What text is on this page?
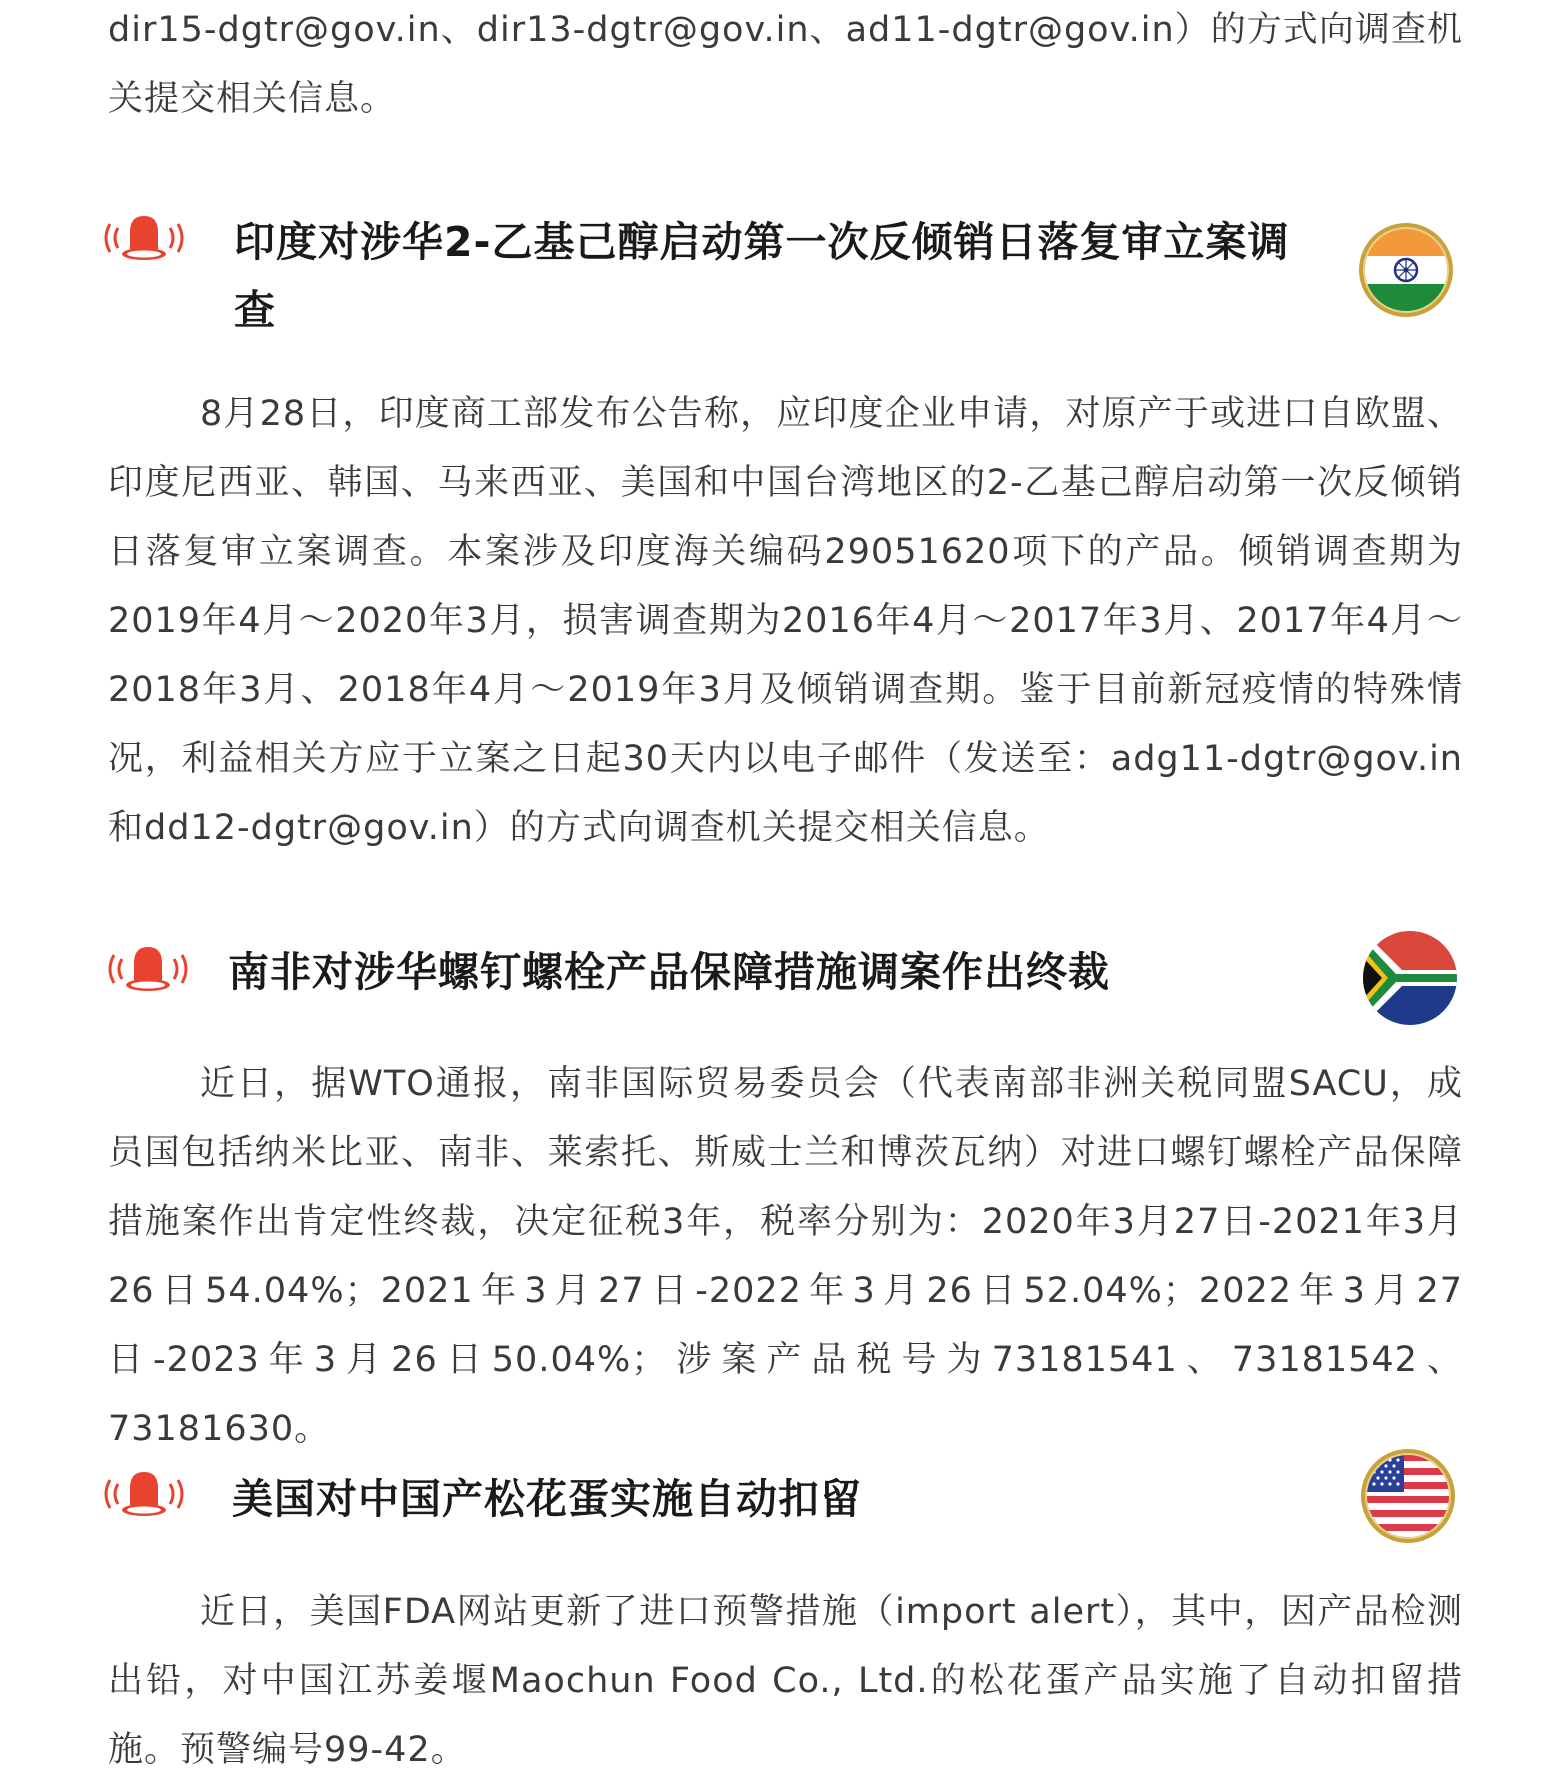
dir15-dgtr@gov.in、dir13-dgtr@gov.in、ad11-dgtr@gov.in）的方式向调查机关提交相关信息。

印度对涉华2-乙基己醇启动第一次反倾销日落复审立案调查

8月28日，印度商工部发布公告称，应印度企业申请，对原产于或进口自欧盟、印度尼西亚、韩国、马来西亚、美国和中国台湾地区的2-乙基己醇启动第一次反倾销日落复审立案调查。本案涉及印度海关编码29051620项下的产品。倾销调查期为2019年4月～2020年3月，损害调查期为2016年4月～2017年3月、2017年4月～2018年3月、2018年4月～2019年3月及倾销调查期。鉴于目前新冠疫情的特殊情况，利益相关方应于立案之日起30天内以电子邮件（发送至：adg11-dgtr@gov.in和dd12-dgtr@gov.in）的方式向调查机关提交相关信息。

南非对涉华螺钉螺栓产品保障措施调案作出终裁

近日，据WTO通报，南非国际贸易委员会（代表南部非洲关税同盟SACU，成员国包括纳米比亚、南非、莱索托、斯威士兰和博茨瓦纳）对进口螺钉螺栓产品保障措施案作出肯定性终裁，决定征税3年，税率分别为：2020年3月27日-2021年3月26日54.04%；2021年3月27日-2022年3月26日52.04%；2022年3月27日-2023年3月26日50.04%；涉案产品税号为73181541、73181542、73181630。

美国对中国产松花蛋实施自动扣留

近日，美国FDA网站更新了进口预警措施（import alert），其中，因产品检测出铅，对中国江苏姜堰Maochun Food Co., Ltd.的松花蛋产品实施了自动扣留措施。预警编号99-42。
